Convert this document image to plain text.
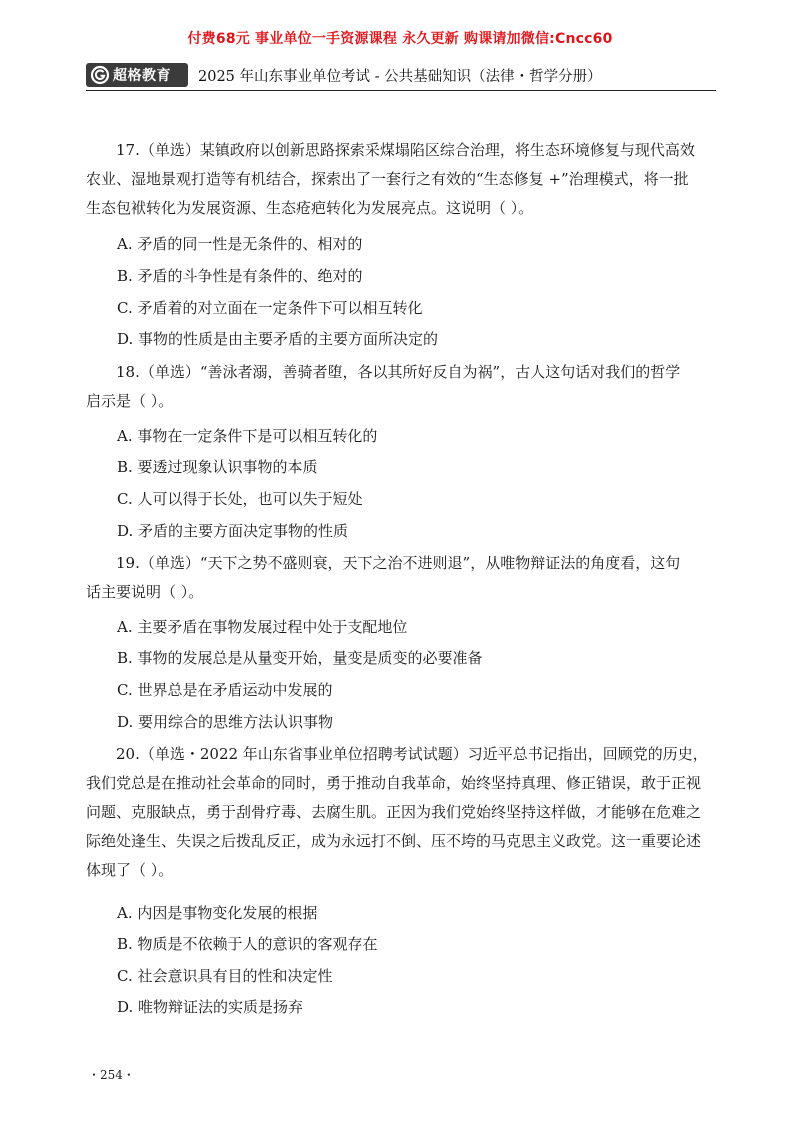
付费68元 事业单位一手资源课程 永久更新 购课请加微信:Cncc60
超格教育 2025 年山东事业单位考试 - 公共基础知识（法律・哲学分册）
17.（单选）某镇政府以创新思路探索采煤塌陷区综合治理，将生态环境修复与现代高效
农业、湿地景观打造等有机结合，探索出了一套行之有效的“生态修复 +”治理模式，将一批
生态包袱转化为发展资源、生态疮疤转化为发展亮点。这说明（ ）。
A. 矛盾的同一性是无条件的、相对的
B. 矛盾的斗争性是有条件的、绝对的
C. 矛盾着的对立面在一定条件下可以相互转化
D. 事物的性质是由主要矛盾的主要方面所决定的
18.（单选）“善泳者溺，善骑者堕，各以其所好反自为祸”，古人这句话对我们的哲学
启示是（ ）。
A. 事物在一定条件下是可以相互转化的
B. 要透过现象认识事物的本质
C. 人可以得于长处，也可以失于短处
D. 矛盾的主要方面决定事物的性质
19.（单选）“天下之势不盛则衰，天下之治不进则退”，从唯物辩证法的角度看，这句
话主要说明（ ）。
A. 主要矛盾在事物发展过程中处于支配地位
B. 事物的发展总是从量变开始，量变是质变的必要准备
C. 世界总是在矛盾运动中发展的
D. 要用综合的思维方法认识事物
20.（单选・2022 年山东省事业单位招聘考试试题）习近平总书记指出，回顾党的历史，
我们党总是在推动社会革命的同时，勇于推动自我革命，始终坚持真理、修正错误，敢于正视
问题、克服缺点，勇于刮骨疗毒、去腐生肌。正因为我们党始终坚持这样做，才能够在危难之
际绝处逢生、失误之后拨乱反正，成为永远打不倒、压不垮的马克思主义政党。这一重要论述
体现了（ ）。
A. 内因是事物变化发展的根据
B. 物质是不依赖于人的意识的客观存在
C. 社会意识具有目的性和决定性
D. 唯物辩证法的实质是扬弃
・254・
